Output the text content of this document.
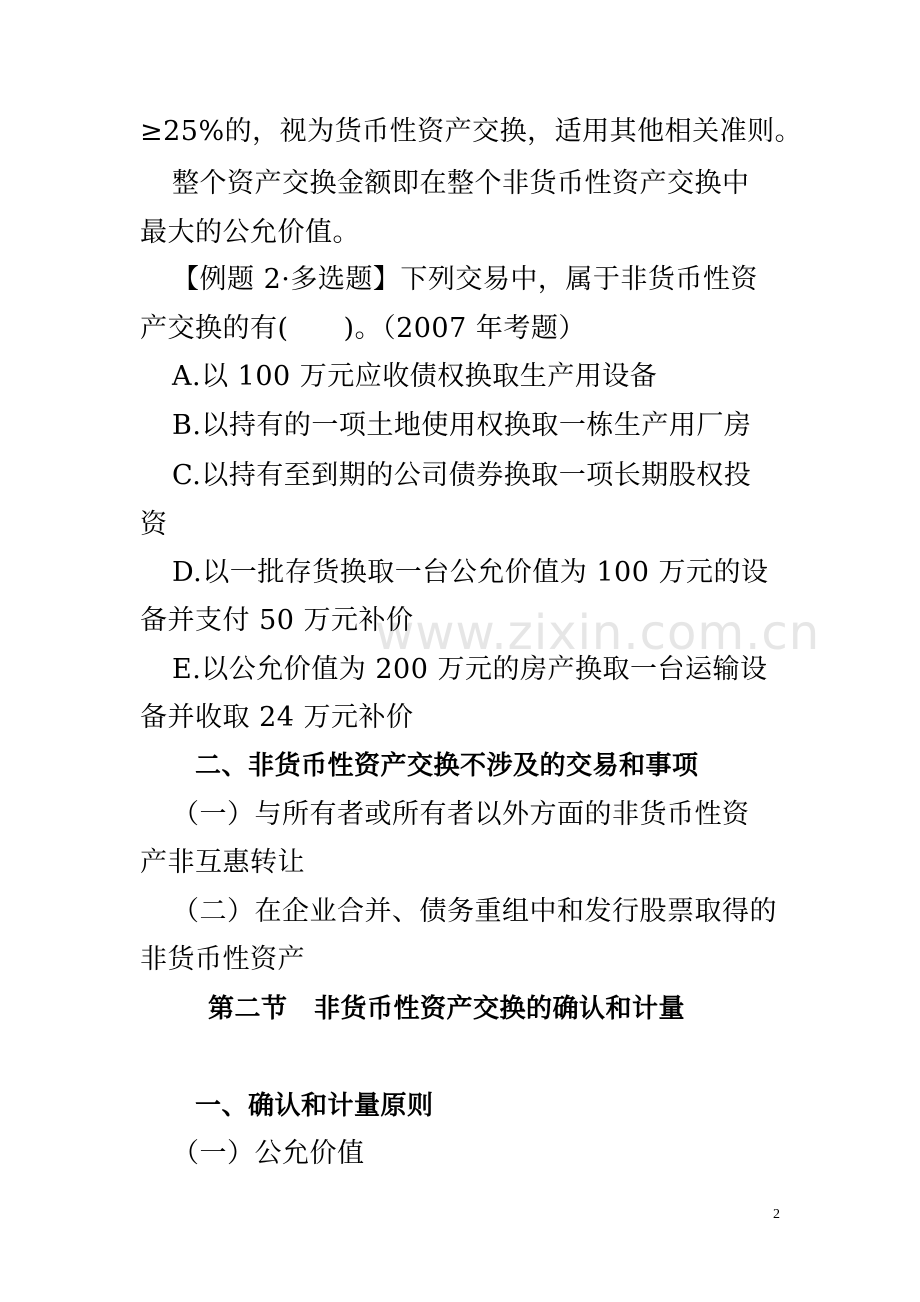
www.zixin.com.cn
≥25%的，视为货币性资产交换，适用其他相关准则。
整个资产交换金额即在整个非货币性资产交换中
最大的公允价值。
【例题 2·多选题】下列交易中，属于非货币性资
产交换的有(　　)。（2007 年考题）
A.以 100 万元应收债权换取生产用设备
B.以持有的一项土地使用权换取一栋生产用厂房
C.以持有至到期的公司债券换取一项长期股权投
资
D.以一批存货换取一台公允价值为 100 万元的设
备并支付 50 万元补价
E.以公允价值为 200 万元的房产换取一台运输设
备并收取 24 万元补价
二、非货币性资产交换不涉及的交易和事项
（一）与所有者或所有者以外方面的非货币性资
产非互惠转让
（二）在企业合并、债务重组中和发行股票取得的
非货币性资产
第二节　非货币性资产交换的确认和计量
一、确认和计量原则
（一）公允价值
2
